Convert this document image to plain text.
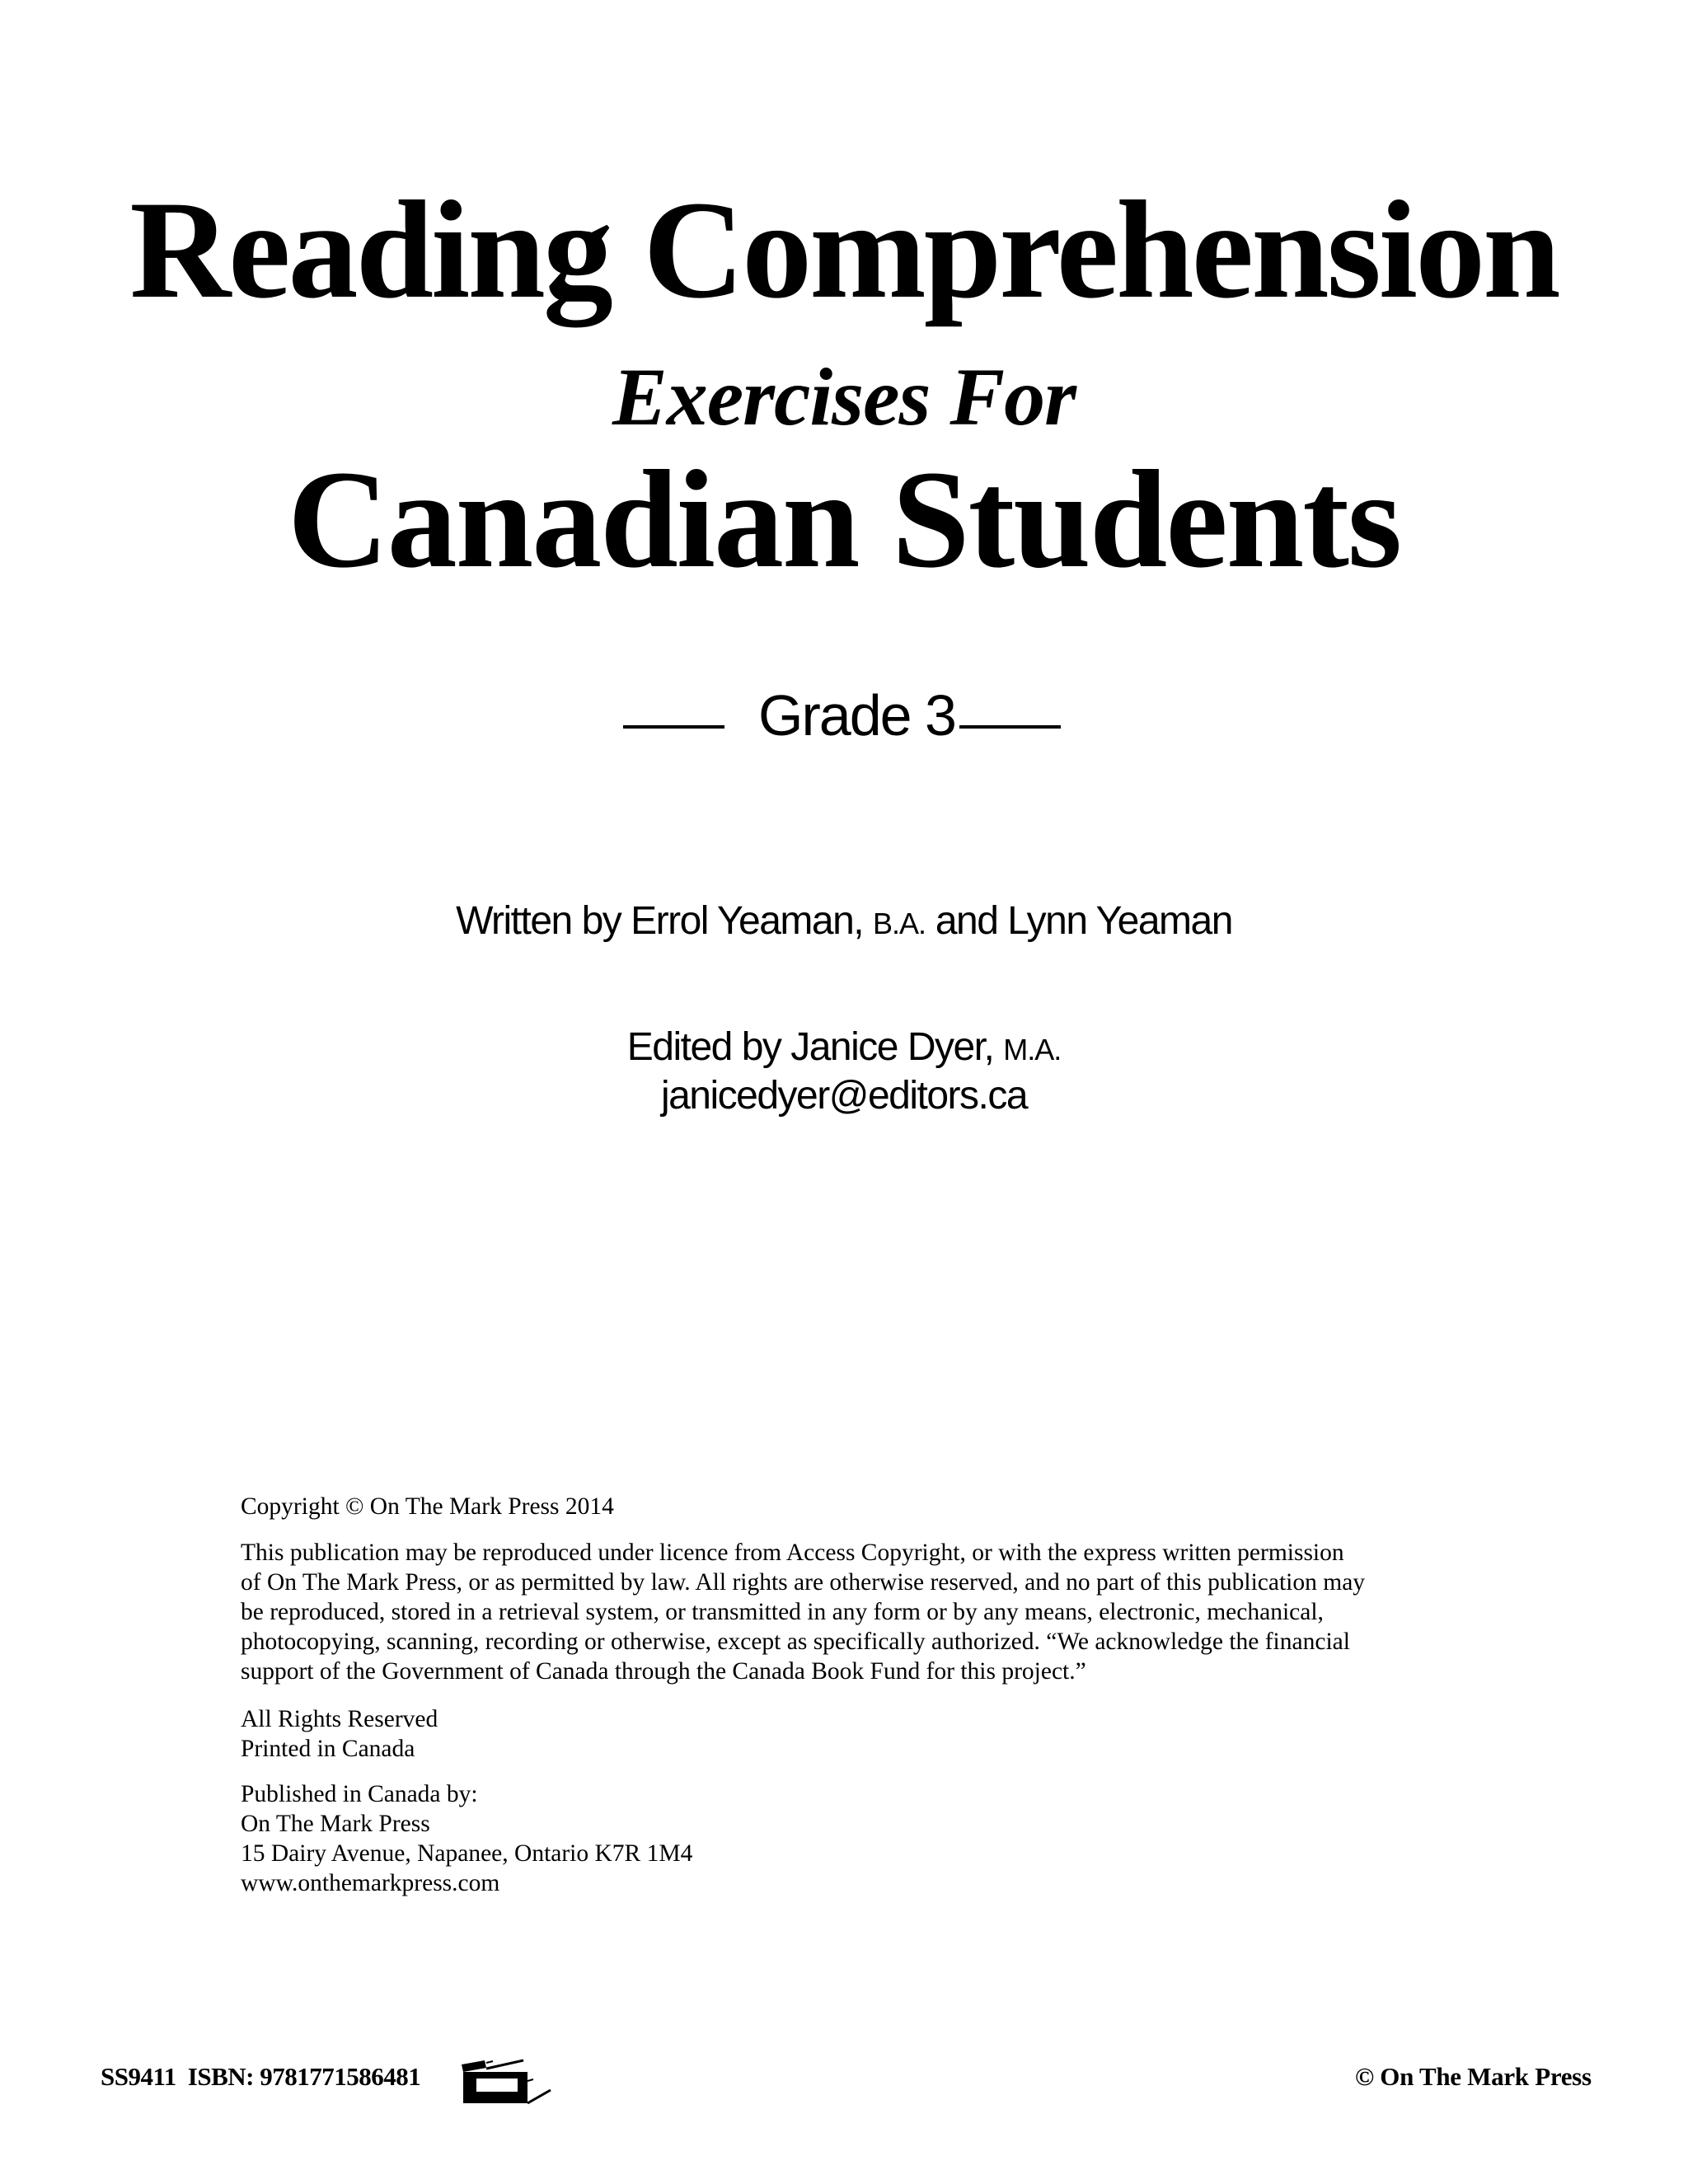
Reading Comprehension
Exercises For
Canadian Students
Grade 3
Written by Errol Yeaman, B.A. and Lynn Yeaman
Edited by Janice Dyer, M.A.
janicedyer@editors.ca

Copyright © On The Mark Press 2014

This publication may be reproduced under licence from Access Copyright, or with the express written permission

of On The Mark Press, or as permitted by law. All rights are otherwise reserved, and no part of this publication may

be reproduced, stored in a retrieval system, or transmitted in any form or by any means, electronic, mechanical,

photocopying, scanning, recording or otherwise, except as specifically authorized. “We acknowledge the financial

support of the Government of Canada through the Canada Book Fund for this project.”

All Rights Reserved

Printed in Canada

Published in Canada by:

On The Mark Press

15 Dairy Avenue, Napanee, Ontario K7R 1M4

www.onthemarkpress.com

SS9411 ISBN: 9781771586481	© On The Mark Press
